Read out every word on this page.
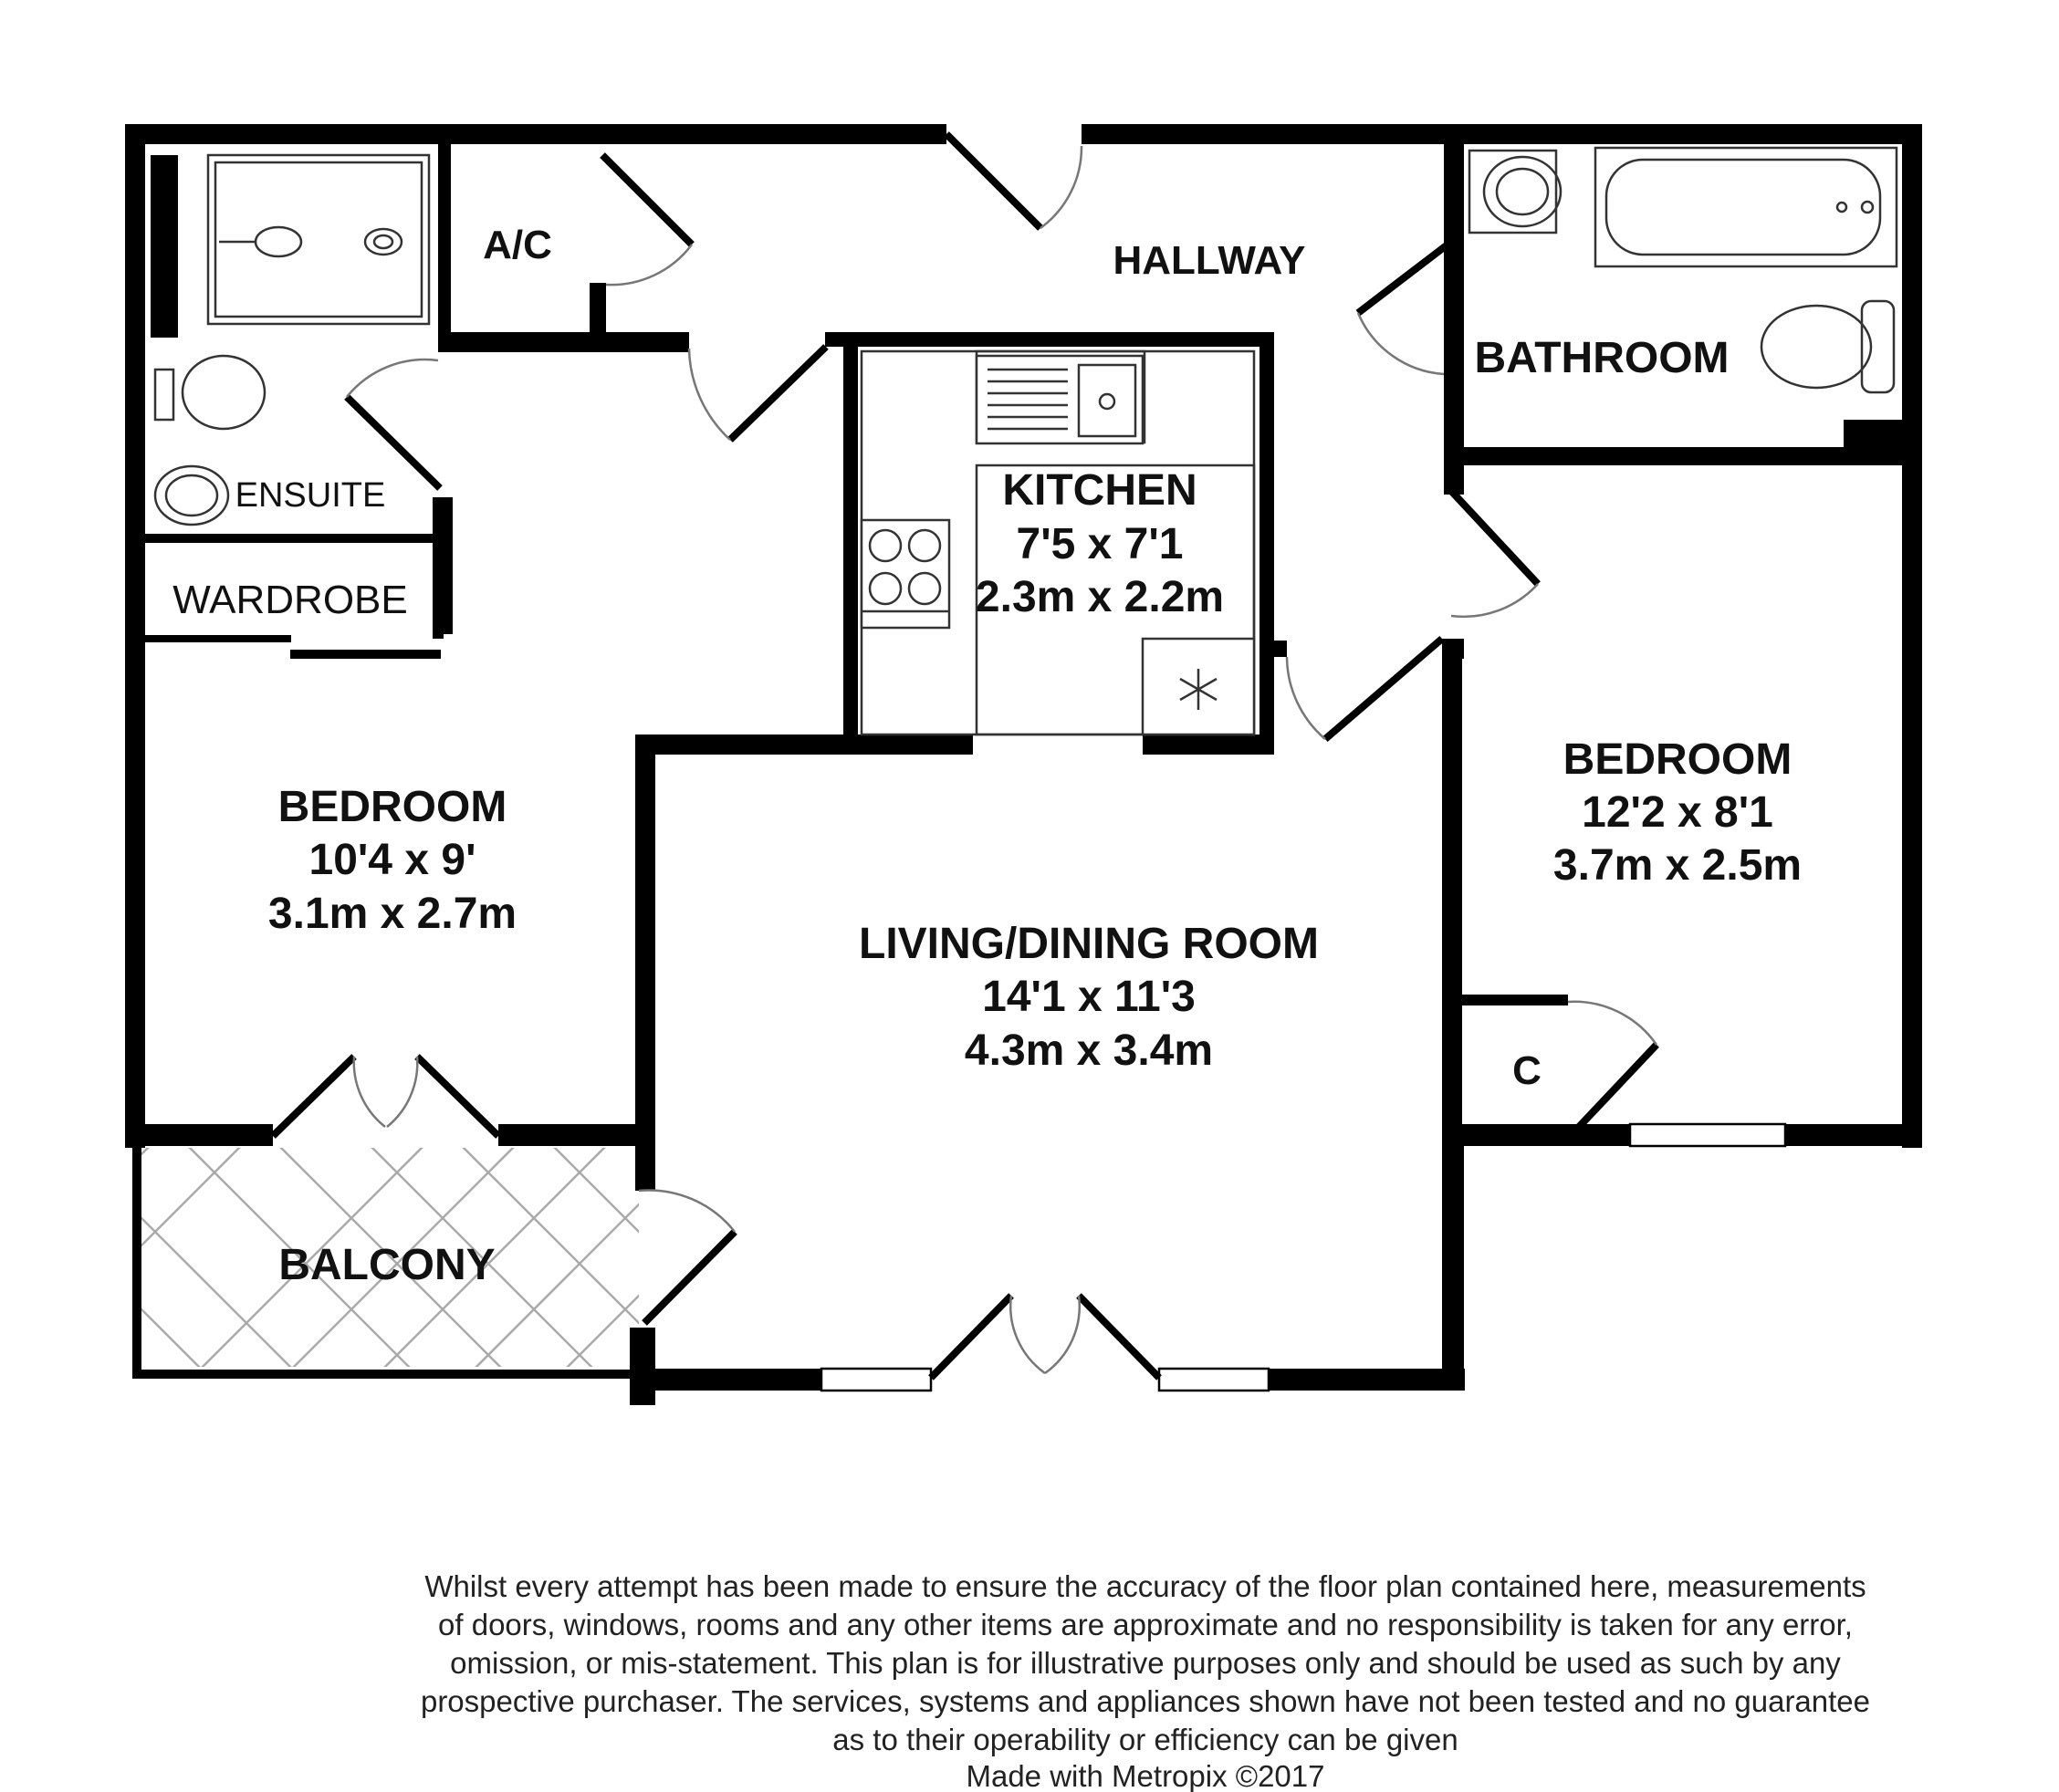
HALLWAY
A/C
ENSUITE
WARDROBE
BATHROOM
KITCHEN
7'5 x 7'1
2.3m x 2.2m
BEDROOM
10'4 x 9'
3.1m x 2.7m
BEDROOM
12'2 x 8'1
3.7m x 2.5m
LIVING/DINING ROOM
14'1 x 11'3
4.3m x 3.4m	C
BALCONY
Whilst every attempt has been made to ensure the accuracy of the floor plan contained here, measurements
of doors, windows, rooms and any other items are approximate and no responsibility is taken for any error,
omission, or mis-statement. This plan is for illustrative purposes only and should be used as such by any
prospective purchaser. The services, systems and appliances shown have not been tested and no guarantee
as to their operability or efficiency can be given
Made with Metropix ©2017
